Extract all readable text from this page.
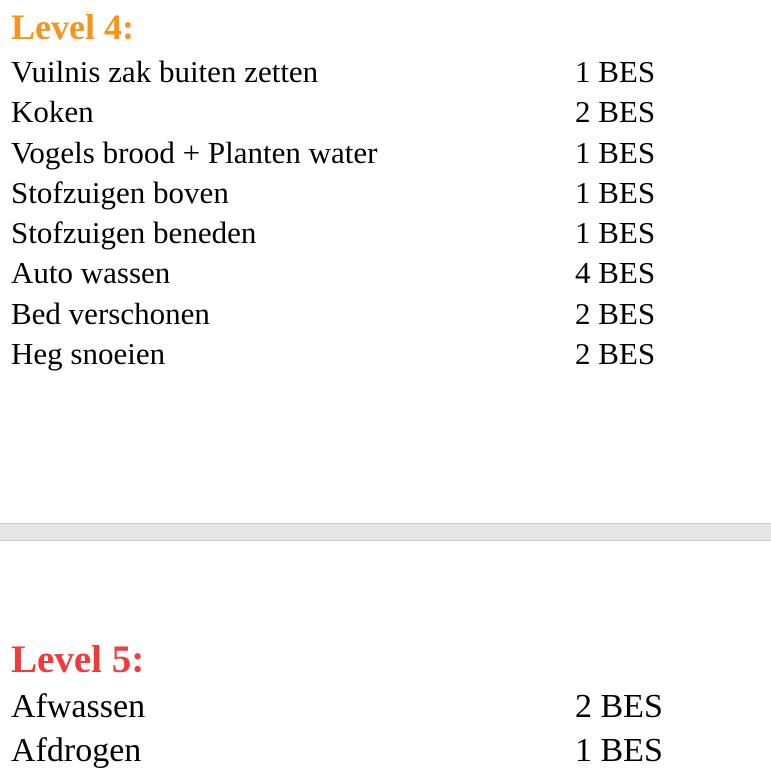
Level 4:
Vuilnis zak buiten zetten	1 BES
Koken	2 BES
Vogels brood + Planten water	1 BES
Stofzuigen boven	1 BES
Stofzuigen beneden	1 BES
Auto wassen	4 BES
Bed verschonen	2 BES
Heg snoeien	2 BES
Level 5:
Afwassen	2 BES
Afdrogen	1 BES
